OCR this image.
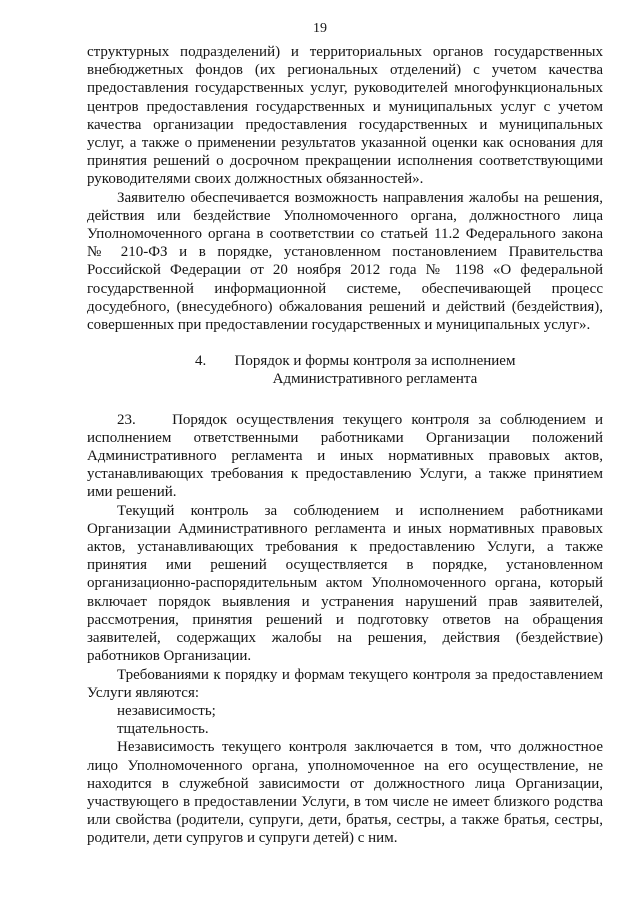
19

структурных подразделений) и территориальных органов государственных внебюджетных фондов (их региональных отделений) с учетом качества предоставления государственных услуг, руководителей многофункциональных центров предоставления государственных и муниципальных услуг с учетом качества организации предоставления государственных и муниципальных услуг, а также о применении результатов указанной оценки как основания для принятия решений о досрочном прекращении исполнения соответствующими руководителями своих должностных обязанностей».

Заявителю обеспечивается возможность направления жалобы на решения, действия или бездействие Уполномоченного органа, должностного лица Уполномоченного органа в соответствии со статьей 11.2 Федерального закона № 210-ФЗ и в порядке, установленном постановлением Правительства Российской Федерации от 20 ноября 2012 года № 1198 «О федеральной государственной информационной системе, обеспечивающей процесс досудебного, (внесудебного) обжалования решений и действий (бездействия), совершенных при предоставлении государственных и муниципальных услуг».

4.	Порядок и формы контроля за исполнением
Административного регламента

23.    Порядок осуществления текущего контроля за соблюдением и исполнением ответственными работниками Организации положений Административного регламента и иных нормативных правовых актов, устанавливающих требования к предоставлению Услуги, а также принятием ими решений.

Текущий контроль за соблюдением и исполнением работниками Организации Административного регламента и иных нормативных правовых актов, устанавливающих требования к предоставлению Услуги, а также принятия ими решений осуществляется в порядке, установленном организационно-распорядительным актом Уполномоченного органа, который включает порядок выявления и устранения нарушений прав заявителей, рассмотрения, принятия решений и подготовку ответов на обращения заявителей, содержащих жалобы на решения, действия (бездействие) работников Организации.

Требованиями к порядку и формам текущего контроля за предоставлением Услуги являются:

независимость;

тщательность.

Независимость текущего контроля заключается в том, что должностное лицо Уполномоченного органа, уполномоченное на его осуществление, не находится в служебной зависимости от должностного лица Организации, участвующего в предоставлении Услуги, в том числе не имеет близкого родства или свойства (родители, супруги, дети, братья, сестры, а также братья, сестры, родители, дети супругов и супруги детей) с ним.
